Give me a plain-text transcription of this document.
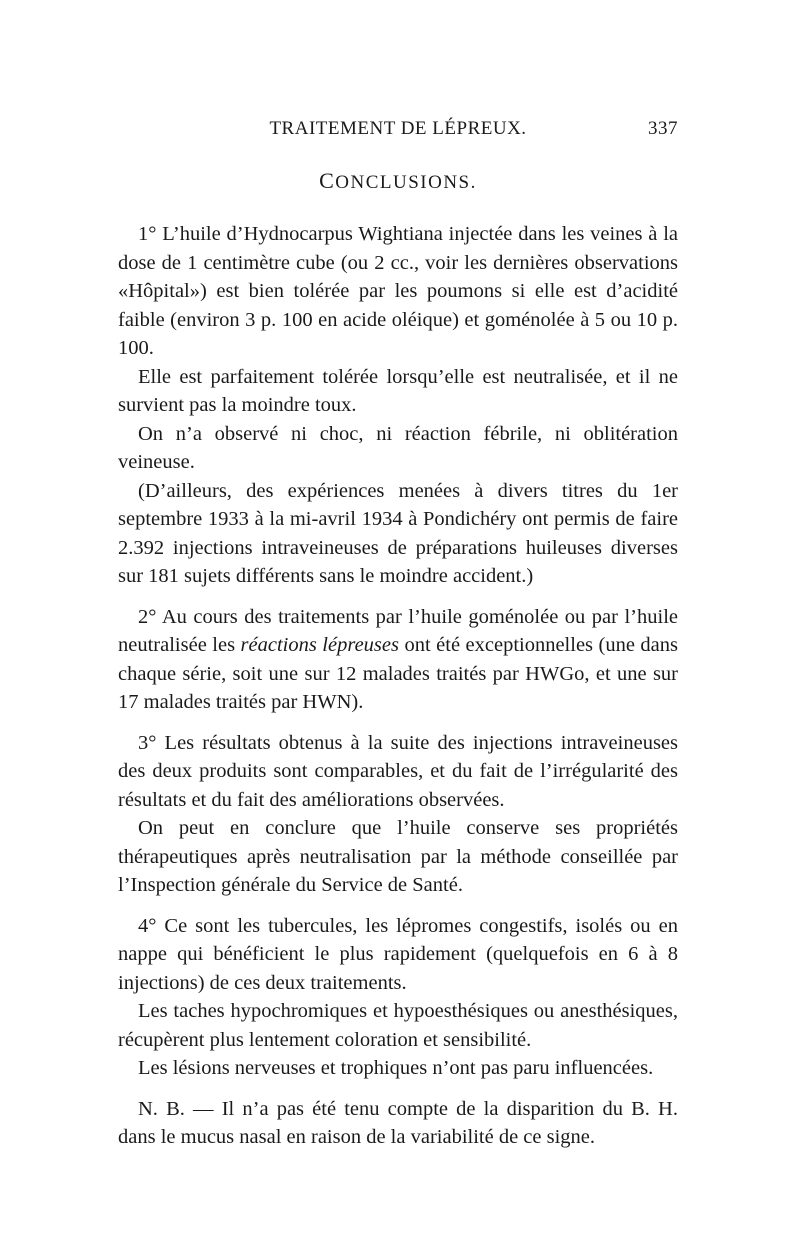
TRAITEMENT DE LÉPREUX.	337
CONCLUSIONS.

1° L’huile d’Hydnocarpus Wightiana injectée dans les veines à la dose de 1 centimètre cube (ou 2 cc., voir les dernières observations «Hôpital») est bien tolérée par les poumons si elle est d’acidité faible (environ 3 p. 100 en acide oléique) et goménolée à 5 ou 10 p. 100.

Elle est parfaitement tolérée lorsqu’elle est neutralisée, et il ne survient pas la moindre toux.

On n’a observé ni choc, ni réaction fébrile, ni oblitération veineuse.

(D’ailleurs, des expériences menées à divers titres du 1er septembre 1933 à la mi-avril 1934 à Pondichéry ont permis de faire 2.392 injections intraveineuses de préparations huileuses diverses sur 181 sujets différents sans le moindre accident.)

2° Au cours des traitements par l’huile goménolée ou par l’huile neutralisée les réactions lépreuses ont été exceptionnelles (une dans chaque série, soit une sur 12 malades traités par HWGo, et une sur 17 malades traités par HWN).

3° Les résultats obtenus à la suite des injections intraveineuses des deux produits sont comparables, et du fait de l’irrégularité des résultats et du fait des améliorations observées.

On peut en conclure que l’huile conserve ses propriétés thérapeutiques après neutralisation par la méthode conseillée par l’Inspection générale du Service de Santé.

4° Ce sont les tubercules, les lépromes congestifs, isolés ou en nappe qui bénéficient le plus rapidement (quelquefois en 6 à 8 injections) de ces deux traitements.

Les taches hypochromiques et hypoesthésiques ou anesthésiques, récupèrent plus lentement coloration et sensibilité.

Les lésions nerveuses et trophiques n’ont pas paru influencées.

N. B. — Il n’a pas été tenu compte de la disparition du B. H. dans le mucus nasal en raison de la variabilité de ce signe.
